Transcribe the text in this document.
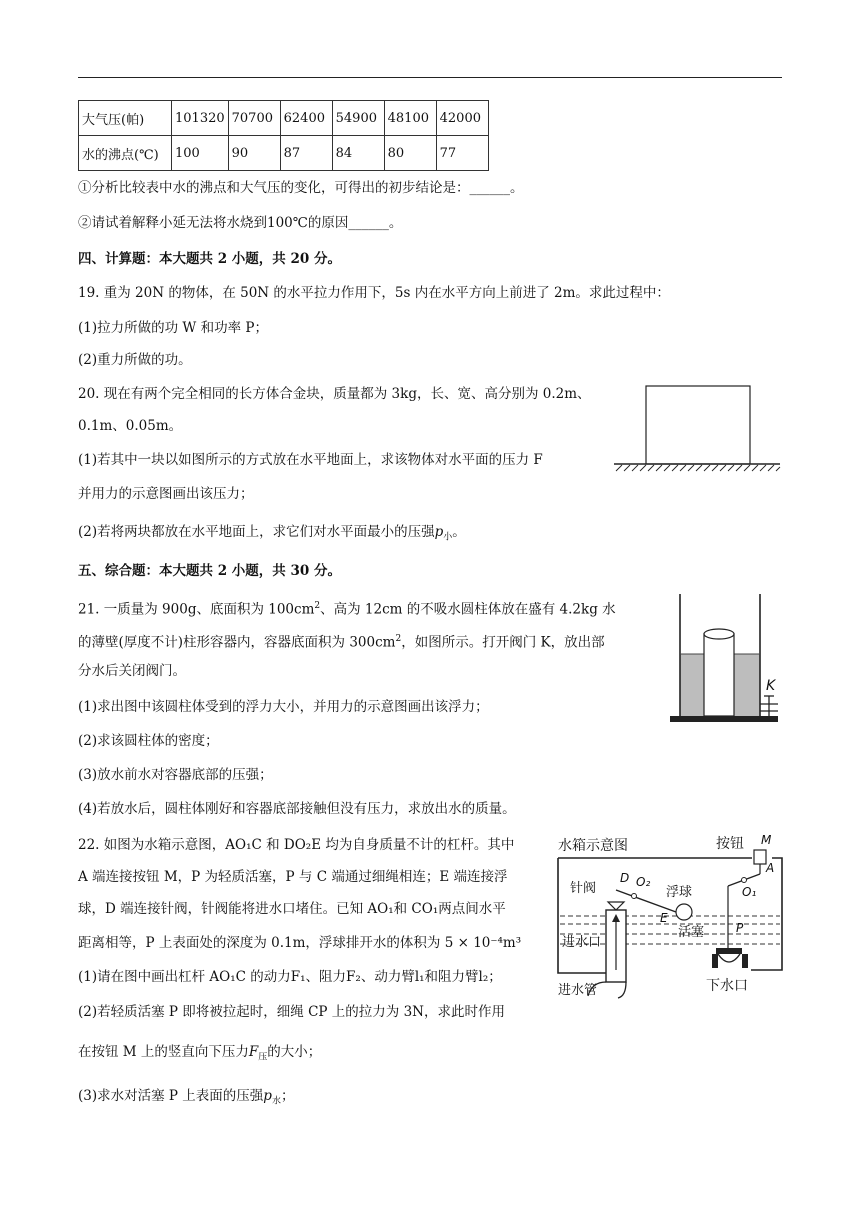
大气压(帕)	101320	70700	62400	54900	48100	42000
水的沸点(℃)	100	90	87	84	80	77
①分析比较表中水的沸点和大气压的变化，可得出的初步结论是：______。
②请试着解释小延无法将水烧到100℃的原因______。
四、计算题：本大题共 2 小题，共 20 分。
19. 重为 20N 的物体，在 50N 的水平拉力作用下，5s 内在水平方向上前进了 2m。求此过程中：
(1)拉力所做的功 W 和功率 P；
(2)重力所做的功。
20. 现在有两个完全相同的长方体合金块，质量都为 3kg，长、宽、高分别为 0.2m、
0.1m、0.05m。
(1)若其中一块以如图所示的方式放在水平地面上，求该物体对水平面的压力 F
并用力的示意图画出该压力；
(2)若将两块都放在水平地面上，求它们对水平面最小的压强$p_小$。
五、综合题：本大题共 2 小题，共 30 分。
21. 一质量为 900g、底面积为 $100cm^2$、高为 12cm 的不吸水圆柱体放在盛有 4.2kg 水
的薄壁(厚度不计)柱形容器内，容器底面积为 $300cm^2$，如图所示。打开阀门 K，放出部
分水后关闭阀门。
(1)求出图中该圆柱体受到的浮力大小，并用力的示意图画出该浮力；
(2)求该圆柱体的密度；
(3)放水前水对容器底部的压强；
(4)若放水后，圆柱体刚好和容器底部接触但没有压力，求放出水的质量。
K
22. 如图为水箱示意图，AO₁C 和 DO₂E 均为自身质量不计的杠杆。其中
A 端连接按钮 M，P 为轻质活塞，P 与 C 端通过细绳相连；E 端连接浮
球，D 端连接针阀，针阀能将进水口堵住。已知 AO₁和 CO₁两点间水平
距离相等，P 上表面处的深度为 0.1m，浮球排开水的体积为 5 × 10⁻⁴m³
(1)请在图中画出杠杆 AO₁C 的动力F₁、阻力F₂、动力臂l₁和阻力臂l₂；
(2)若轻质活塞 P 即将被拉起时，细绳 CP 上的拉力为 3N，求此时作用
在按钮 M 上的竖直向下压力$F_压$的大小；
(3)求水对活塞 P 上表面的压强$p_水$；
水箱示意图	按钮 M
A
O₁
P
活塞
下水口
D O₂
E
浮球
针阀
进水口
进水管
